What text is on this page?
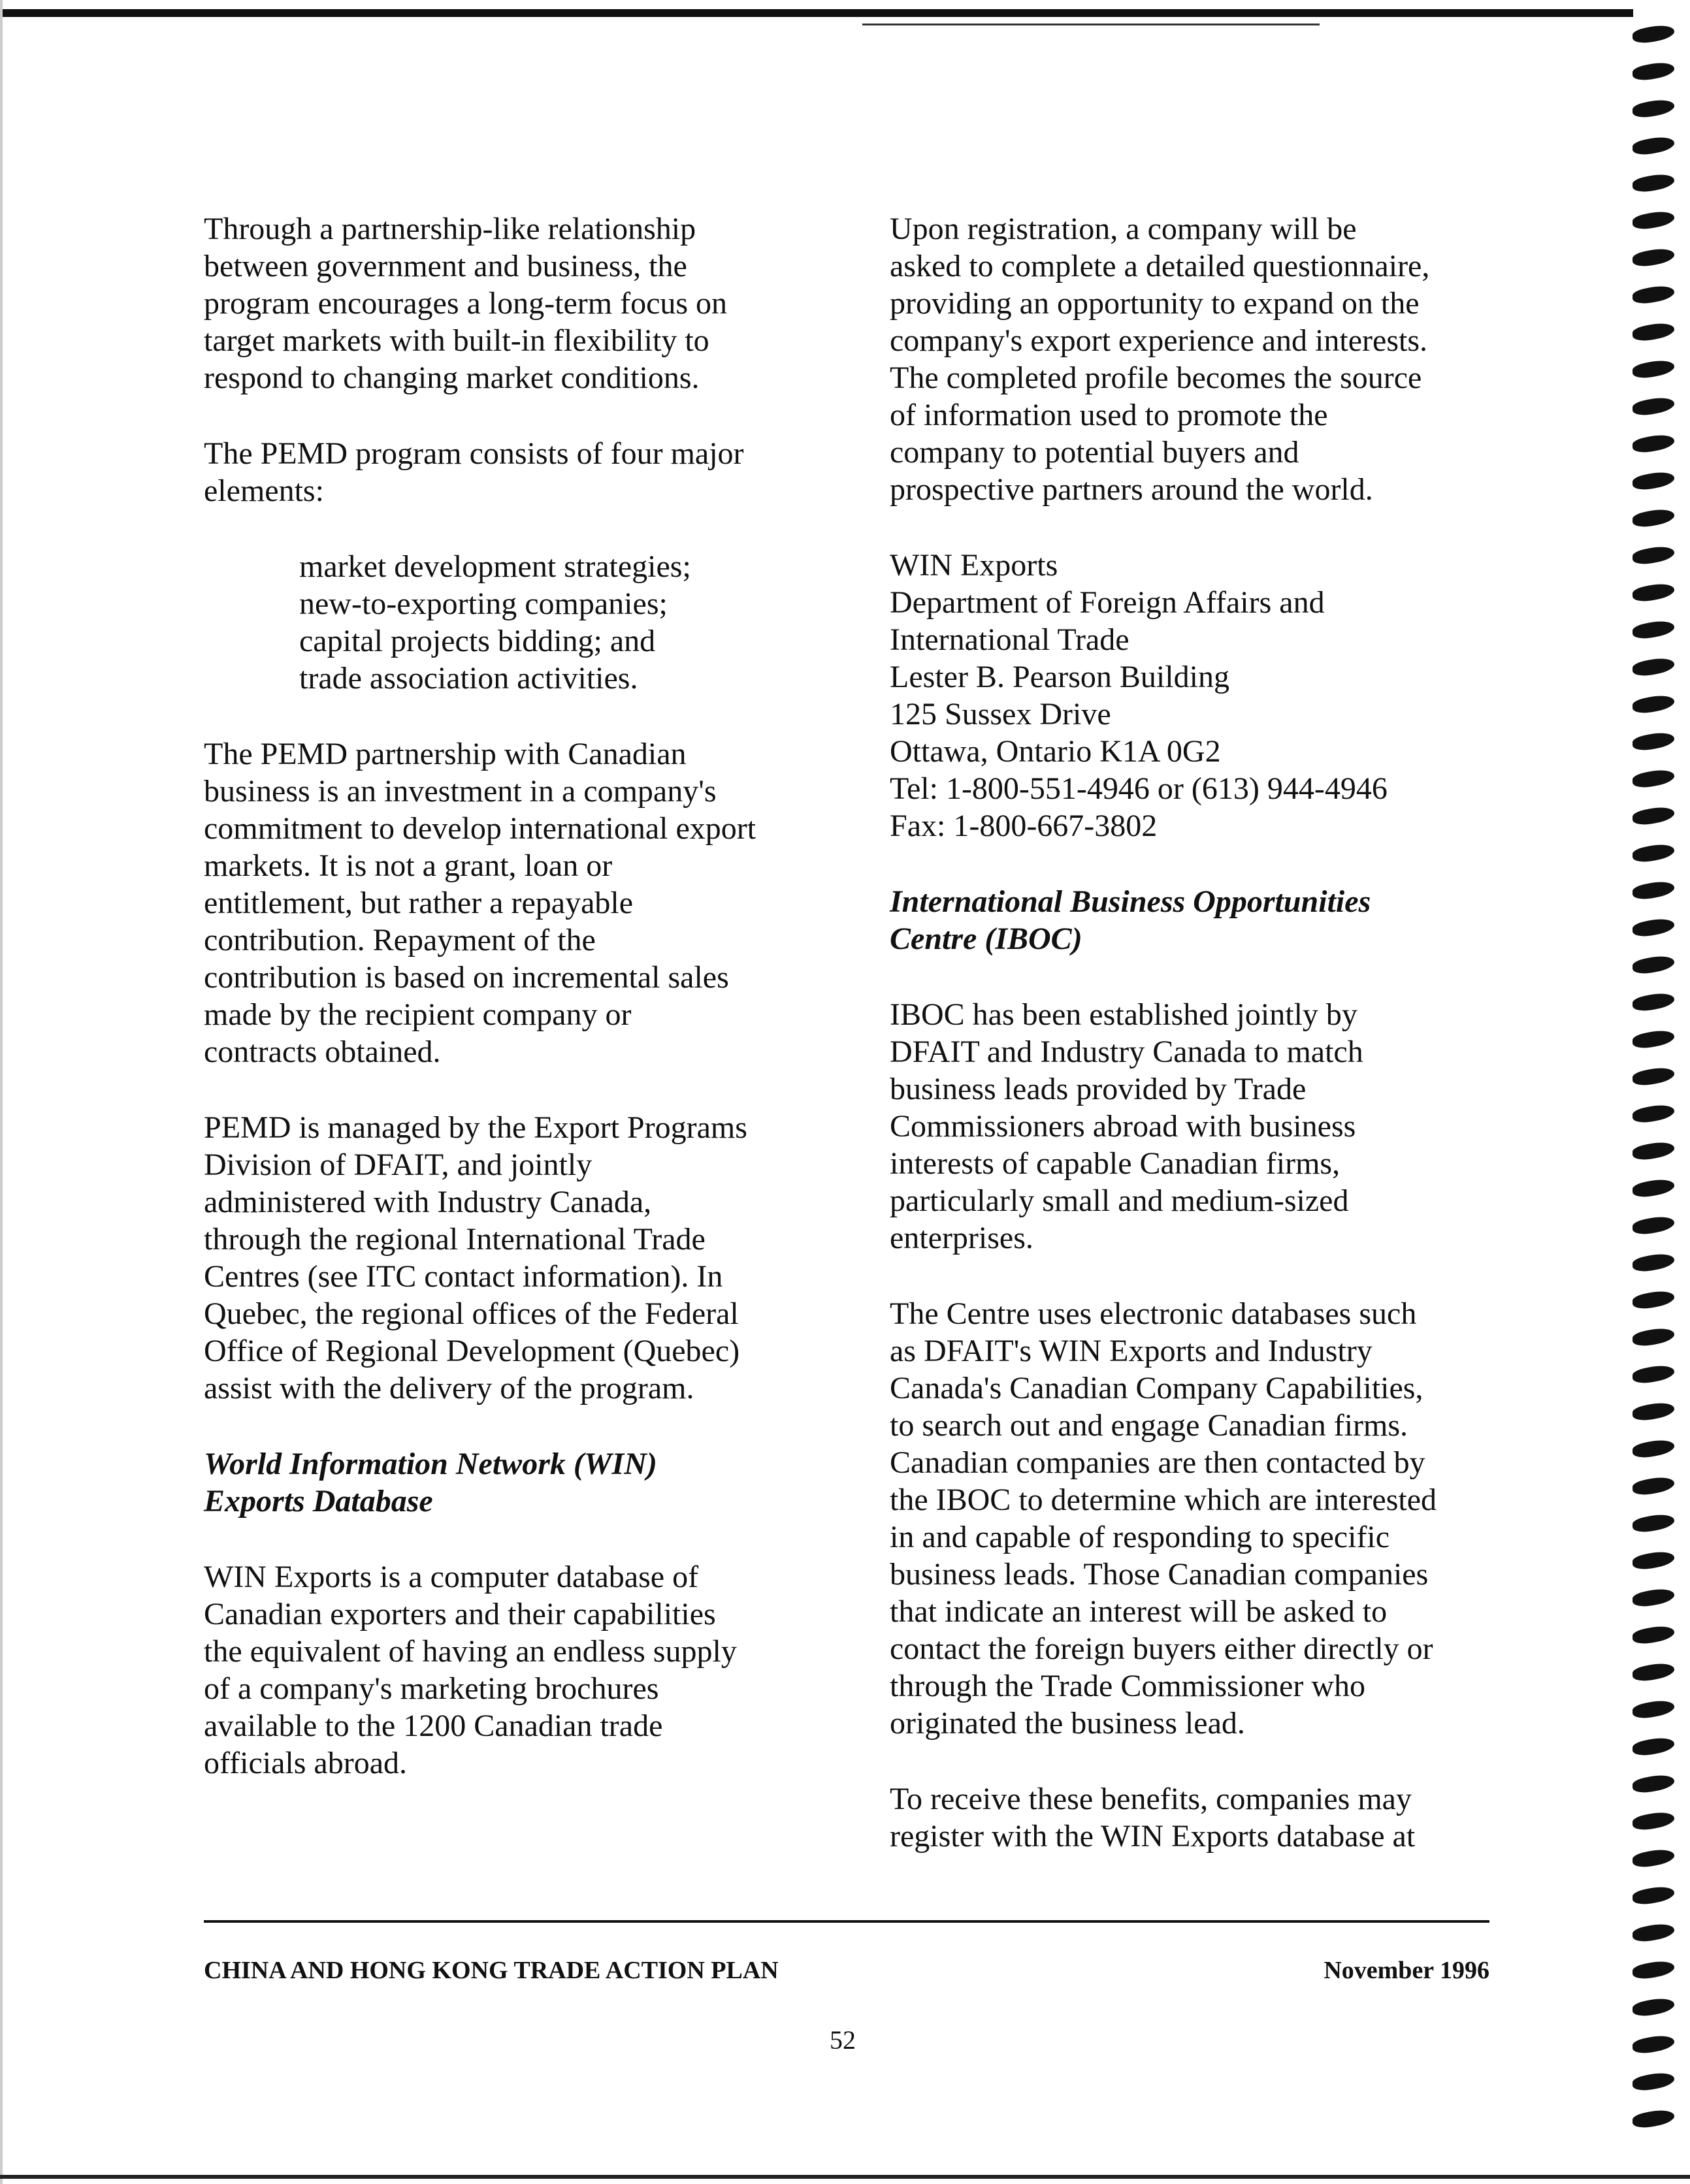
Through a partnership-like relationship
between government and business, the
program encourages a long-term focus on
target markets with built-in flexibility to
respond to changing market conditions.

The PEMD program consists of four major
elements:

market development strategies;
new-to-exporting companies;
capital projects bidding; and
trade association activities.

The PEMD partnership with Canadian
business is an investment in a company's
commitment to develop international export
markets. It is not a grant, loan or
entitlement, but rather a repayable
contribution. Repayment of the
contribution is based on incremental sales
made by the recipient company or
contracts obtained.

PEMD is managed by the Export Programs
Division of DFAIT, and jointly
administered with Industry Canada,
through the regional International Trade
Centres (see ITC contact information). In
Quebec, the regional offices of the Federal
Office of Regional Development (Quebec)
assist with the delivery of the program.

World Information Network (WIN)
Exports Database

WIN Exports is a computer database of
Canadian exporters and their capabilities
the equivalent of having an endless supply
of a company's marketing brochures
available to the 1200 Canadian trade
officials abroad.

Upon registration, a company will be
asked to complete a detailed questionnaire,
providing an opportunity to expand on the
company's export experience and interests.
The completed profile becomes the source
of information used to promote the
company to potential buyers and
prospective partners around the world.

WIN Exports
Department of Foreign Affairs and
International Trade
Lester B. Pearson Building
125 Sussex Drive
Ottawa, Ontario K1A 0G2
Tel: 1-800-551-4946 or (613) 944-4946
Fax: 1-800-667-3802

International Business Opportunities
Centre (IBOC)

IBOC has been established jointly by
DFAIT and Industry Canada to match
business leads provided by Trade
Commissioners abroad with business
interests of capable Canadian firms,
particularly small and medium-sized
enterprises.

The Centre uses electronic databases such
as DFAIT's WIN Exports and Industry
Canada's Canadian Company Capabilities,
to search out and engage Canadian firms.
Canadian companies are then contacted by
the IBOC to determine which are interested
in and capable of responding to specific
business leads. Those Canadian companies
that indicate an interest will be asked to
contact the foreign buyers either directly or
through the Trade Commissioner who
originated the business lead.

To receive these benefits, companies may
register with the WIN Exports database at

CHINA AND HONG KONG TRADE ACTION PLAN	November 1996
52
